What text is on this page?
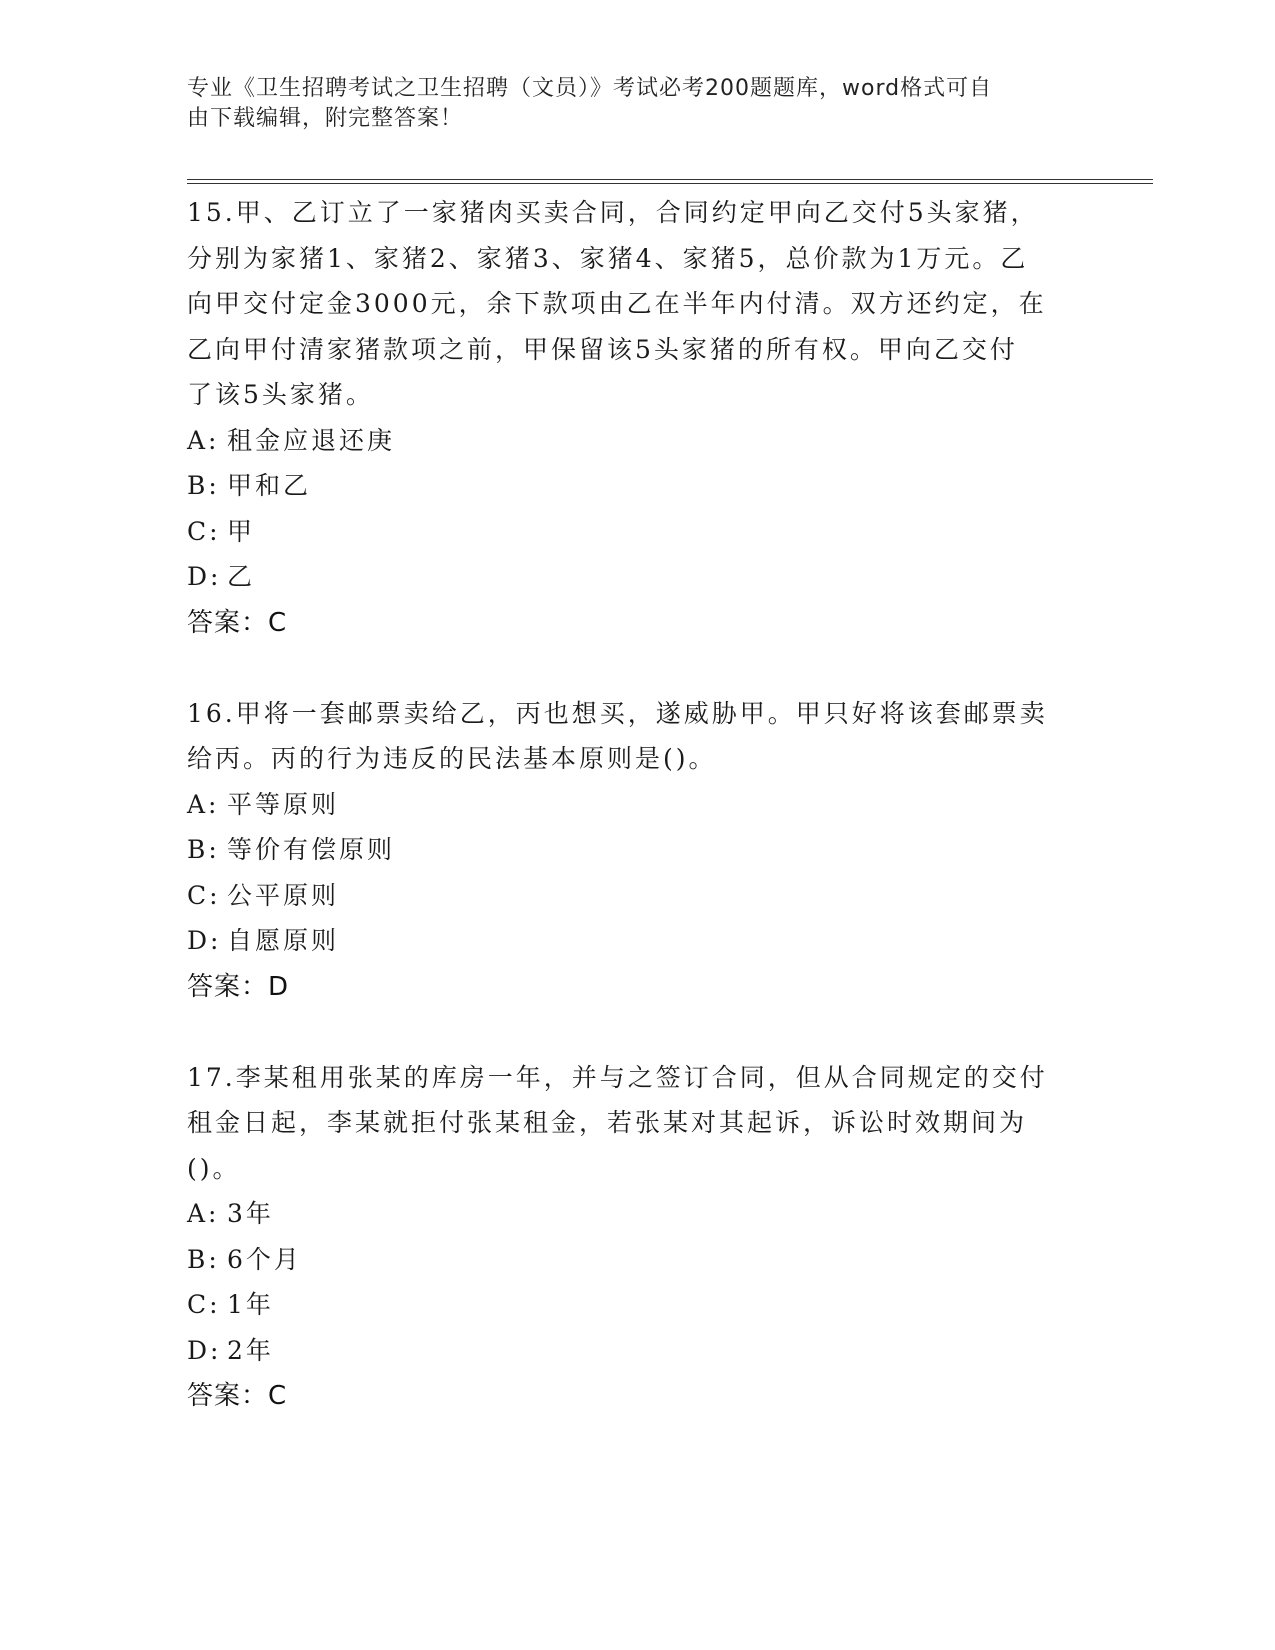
专业《卫生招聘考试之卫生招聘（文员）》考试必考200题题库，word格式可自
由下载编辑，附完整答案！
15.甲、乙订立了一家猪肉买卖合同，合同约定甲向乙交付5头家猪，
分别为家猪1、家猪2、家猪3、家猪4、家猪5，总价款为1万元。乙
向甲交付定金3000元，余下款项由乙在半年内付清。双方还约定，在
乙向甲付清家猪款项之前，甲保留该5头家猪的所有权。甲向乙交付
了该5头家猪。
A: 租金应退还庚
B: 甲和乙
C: 甲
D: 乙
答案：C
16.甲将一套邮票卖给乙，丙也想买，遂威胁甲。甲只好将该套邮票卖
给丙。丙的行为违反的民法基本原则是()。
A: 平等原则
B: 等价有偿原则
C: 公平原则
D: 自愿原则
答案：D
17.李某租用张某的库房一年，并与之签订合同，但从合同规定的交付
租金日起，李某就拒付张某租金，若张某对其起诉，诉讼时效期间为
()。
A: 3年
B: 6个月
C: 1年
D: 2年
答案：C
